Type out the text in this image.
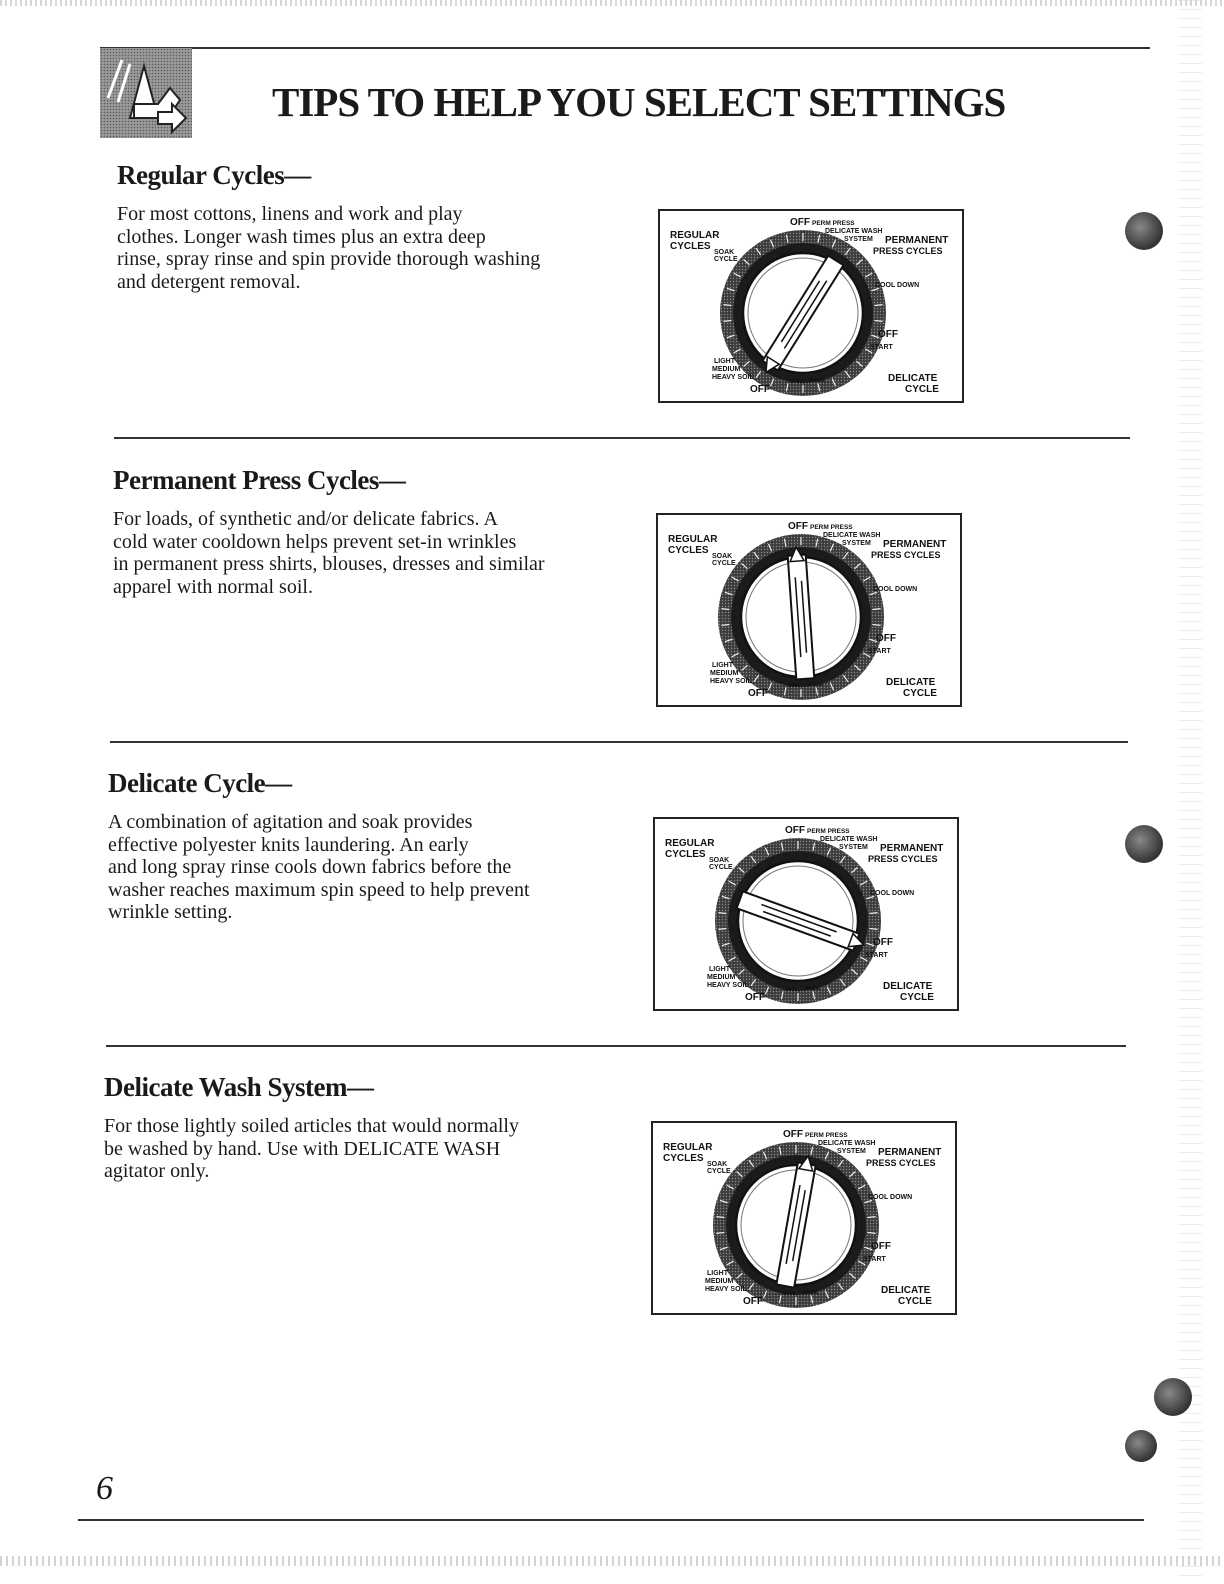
TIPS TO HELP YOU SELECT SETTINGS
Regular Cycles—

For most cottons, linens and work and play
clothes. Longer wash times plus an extra deep
rinse, spray rinse and spin provide thorough washing
and detergent removal.

REGULAR
CYCLES
SOAK
CYCLE
OFF PERM PRESS
DELICATE WASH
SYSTEM PERMANENT
PRESS CYCLES
COOL DOWN
OFF
START
LIGHT
MEDIUM
HEAVY SOIL
OFF
DELICATE
CYCLE
SPIN RINSE
Permanent Press Cycles—

For loads, of synthetic and/or delicate fabrics. A
cold water cooldown helps prevent set-in wrinkles
in permanent press shirts, blouses, dresses and similar
apparel with normal soil.

REGULAR
CYCLES
SOAK
CYCLE
OFF PERM PRESS
DELICATE WASH
SYSTEM PERMANENT
PRESS CYCLES
COOL DOWN
OFF
START
LIGHT
MEDIUM
HEAVY SOIL
OFF
DELICATE
CYCLE
SPIN RINSE
Delicate Cycle—

A combination of agitation and soak provides
effective polyester knits laundering. An early
and long spray rinse cools down fabrics before the
washer reaches maximum spin speed to help prevent
wrinkle setting.

REGULAR
CYCLES
SOAK
CYCLE
OFF PERM PRESS
DELICATE WASH
SYSTEM PERMANENT
PRESS CYCLES
COOL DOWN
OFF
START
LIGHT
MEDIUM
HEAVY SOIL
OFF
DELICATE
CYCLE
SPIN RINSE
Delicate Wash System—

For those lightly soiled articles that would normally
be washed by hand. Use with DELICATE WASH
agitator only.

REGULAR
CYCLES
SOAK
CYCLE
OFF PERM PRESS
DELICATE WASH
SYSTEM PERMANENT
PRESS CYCLES
COOL DOWN
OFF
START
LIGHT
MEDIUM
HEAVY SOIL
OFF
DELICATE
CYCLE
SPIN RINSE
6
